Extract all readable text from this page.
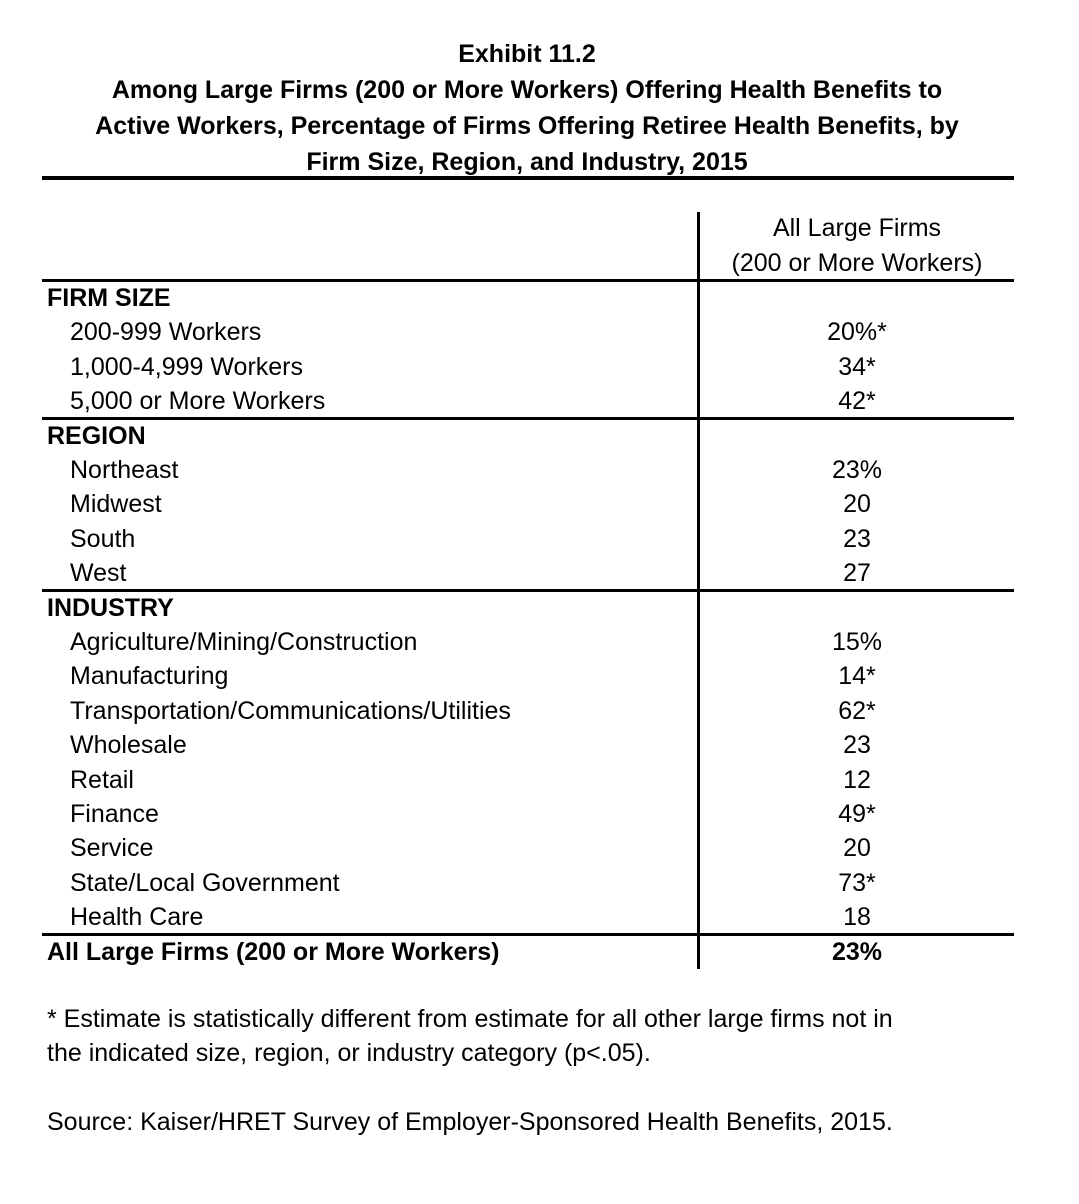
Exhibit 11.2
Among Large Firms (200 or More Workers) Offering Health Benefits to
Active Workers, Percentage of Firms Offering Retiree Health Benefits, by
Firm Size, Region, and Industry, 2015
All Large Firms
(200 or More Workers)
FIRM SIZE
200-999 Workers	20%*
1,000-4,999 Workers	34*
5,000 or More Workers	42*
REGION
Northeast	23%
Midwest	20
South	23
West	27
INDUSTRY
Agriculture/Mining/Construction	15%
Manufacturing	14*
Transportation/Communications/Utilities	62*
Wholesale	23
Retail	12
Finance	49*
Service	20
State/Local Government	73*
Health Care	18
All Large Firms (200 or More Workers)	23%
* Estimate is statistically different from estimate for all other large firms not in
the indicated size, region, or industry category (p<.05).
Source: Kaiser/HRET Survey of Employer-Sponsored Health Benefits, 2015.
